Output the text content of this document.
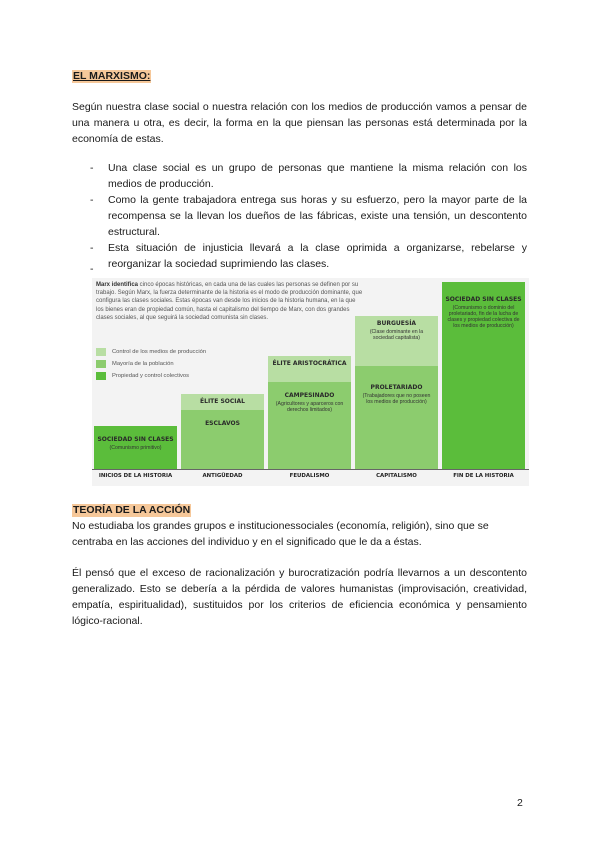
EL MARXISMO:
Según nuestra clase social o nuestra relación con los medios de producción vamos a pensar de una manera u otra, es decir, la forma en la que piensan las personas está determinada por la economía de estas.
- Una clase social es un grupo de personas que mantiene la misma relación con los medios de producción.
- Como la gente trabajadora entrega sus horas y su esfuerzo, pero la mayor parte de la recompensa se la llevan los dueños de las fábricas, existe una tensión, un descontento estructural.
- Esta situación de injusticia llevará a la clase oprimida a organizarse, rebelarse y reorganizar la sociedad suprimiendo las clases.
-
Marx identifica cinco épocas históricas, en cada una de las cuales las personas se definen por su trabajo. Según Marx, la fuerza determinante de la historia es el modo de producción dominante, que configura las clases sociales. Estas épocas van desde los inicios de la historia humana, en la que los bienes eran de propiedad común, hasta el capitalismo del tiempo de Marx, con dos grandes clases sociales, al que seguirá la sociedad comunista sin clases.
Control de los medios de producción
Mayoría de la población
Propiedad y control colectivos
SOCIEDAD SIN CLASES
(Comunismo primitivo)
ÉLITE SOCIAL
ESCLAVOS
ÉLITE ARISTOCRÁTICA
CAMPESINADO
(Agricultores y aparceros con derechos limitados)
BURGUESÍA
(Clase dominante en la sociedad capitalista)
PROLETARIADO
(Trabajadores que no poseen los medios de producción)
SOCIEDAD SIN CLASES
(Comunismo o dominio del proletariado, fin de la lucha de clases y propiedad colectiva de los medios de producción)
INICIOS DE LA HISTORIA	ANTIGÜEDAD	FEUDALISMO	CAPITALISMO	FIN DE LA HISTORIA
TEORÍA DE LA ACCIÓN
No estudiaba los grandes grupos e institucionessociales (economía, religión), sino que se centraba en las acciones del individuo y en el significado que le da a éstas.
Él pensó que el exceso de racionalización y burocratización podría llevarnos a un descontento generalizado. Esto se debería a la pérdida de valores humanistas (improvisación, creatividad, empatía, espiritualidad), sustituidos por los criterios de eficiencia económica y pensamiento lógico-racional.
2
